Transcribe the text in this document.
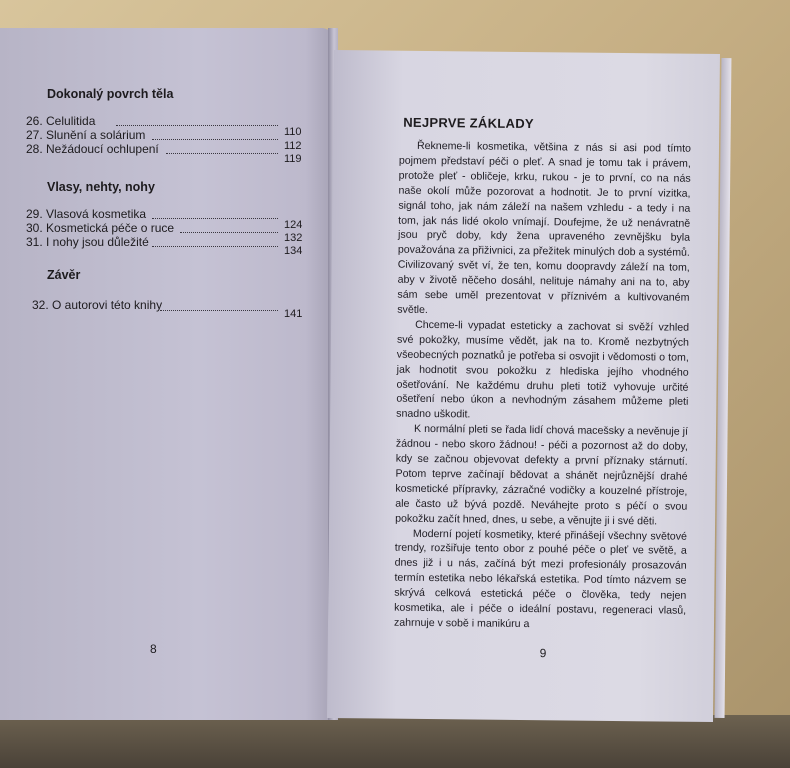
Dokonalý povrch těla
26. Celulitida
110
27. Slunění a solárium
112
28. Nežádoucí ochlupení
119
Vlasy, nehty, nohy
29. Vlasová kosmetika
124
30. Kosmetická péče o ruce
132
31. I nohy jsou důležité
134
Závěr
32. O autorovi této knihy
141
8
NEJPRVE ZÁKLADY

Řekneme-li kosmetika, většina z nás si asi pod tímto pojmem představí péči o pleť. A snad je tomu tak i právem, protože pleť - obličeje, krku, rukou - je to první, co na nás naše okolí může pozorovat a hodnotit. Je to první vizitka, signál toho, jak nám záleží na našem vzhledu - a tedy i na tom, jak nás lidé okolo vnímají. Doufejme, že už nenávratně jsou pryč doby, kdy žena upraveného zevnějšku byla považována za přiživnici, za přežitek minulých dob a systémů. Civilizovaný svět ví, že ten, komu doopravdy záleží na tom, aby v životě něčeho dosáhl, nelituje námahy ani na to, aby sám sebe uměl prezentovat v příznivém a kultivovaném světle.

Chceme-li vypadat esteticky a zachovat si svěží vzhled své pokožky, musíme vědět, jak na to. Kromě nezbytných všeobecných poznatků je potřeba si osvojit i vědomosti o tom, jak hodnotit svou pokožku z hlediska jejího vhodného ošetřování. Ne každému druhu pleti totiž vyhovuje určité ošetření nebo úkon a nevhodným zásahem můžeme pleti snadno uškodit.

K normální pleti se řada lidí chová macešsky a nevěnuje jí žádnou - nebo skoro žádnou! - péči a pozornost až do doby, kdy se začnou objevovat defekty a první příznaky stárnutí. Potom teprve začínají bědovat a shánět nejrůznější drahé kosmetické přípravky, zázračné vodičky a kouzelné přístroje, ale často už bývá pozdě. Neváhejte proto s péčí o svou pokožku začít hned, dnes, u sebe, a věnujte ji i své děti.

Moderní pojetí kosmetiky, které přinášejí všechny světové trendy, rozšiřuje tento obor z pouhé péče o pleť ve světě, a dnes již i u nás, začíná být mezi profesionály prosazován termín estetika nebo lékařská estetika. Pod tímto názvem se skrývá celková estetická péče o člověka, tedy nejen kosmetika, ale i péče o ideální postavu, regeneraci vlasů, zahrnuje v sobě i manikúru a

9
